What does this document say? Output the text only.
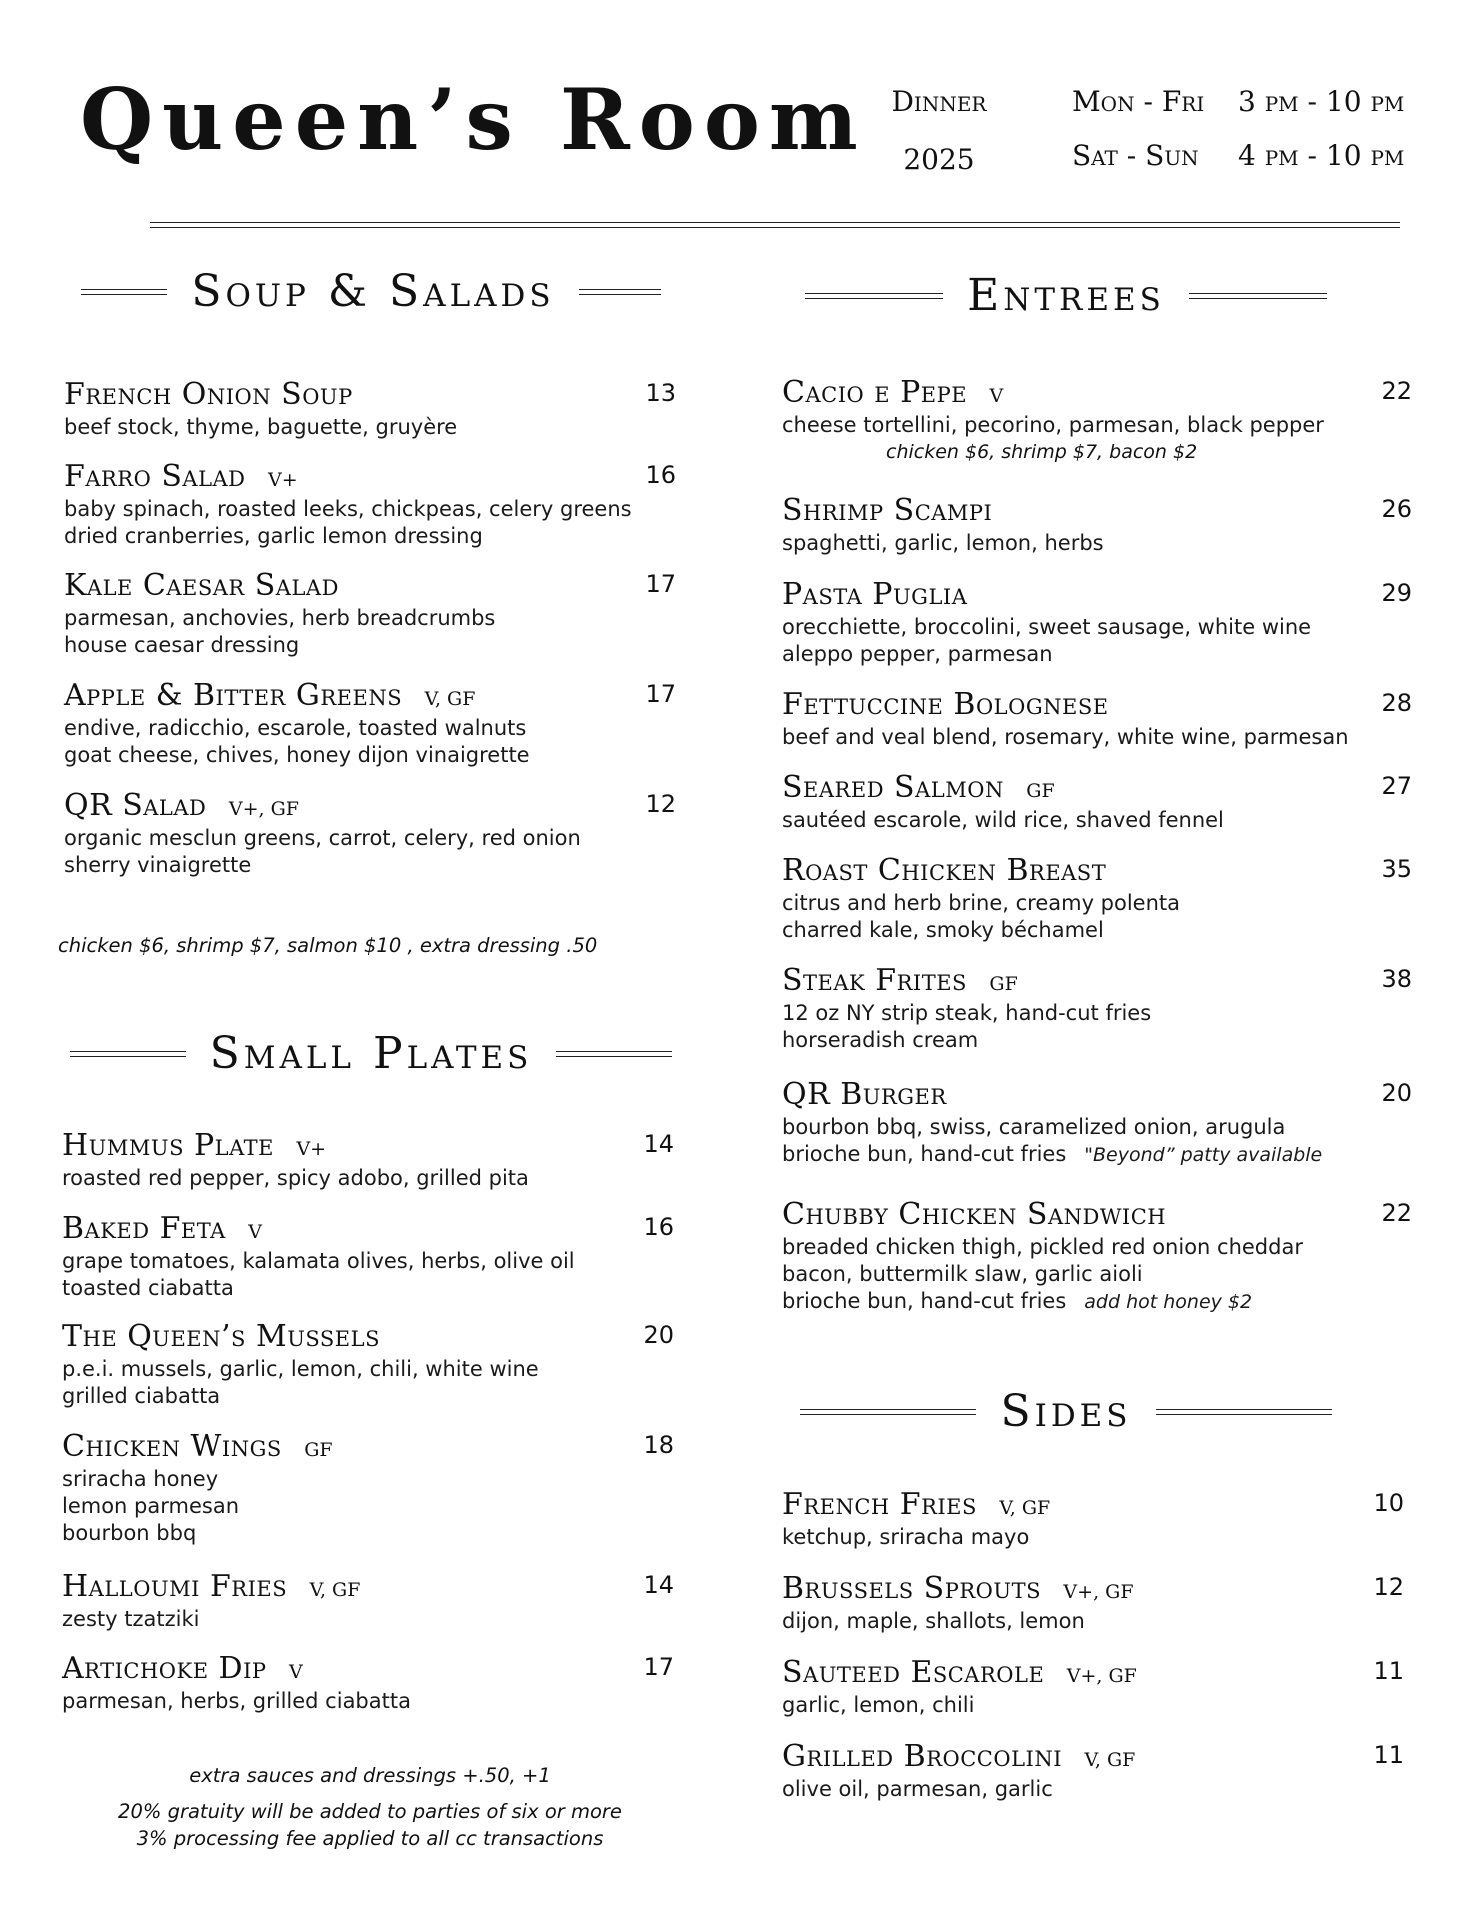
Queen’s Room Dinner
2025
Mon - Fri 3 pm - 10 pm
Sat - Sun 4 pm - 10 pm
Soup & Salads	Entrees
Small Plates
Sides
French Onion Soup	13
beef stock, thyme, baguette, gruyère
Farro Salad V+	16
baby spinach, roasted leeks, chickpeas, celery greens
dried cranberries, garlic lemon dressing
Kale Caesar Salad	17
parmesan, anchovies, herb breadcrumbs
house caesar dressing
Apple & Bitter Greens V, GF	17
endive, radicchio, escarole, toasted walnuts
goat cheese, chives, honey dijon vinaigrette
QR Salad V+, GF	12
organic mesclun greens, carrot, celery, red onion
sherry vinaigrette
chicken $6, shrimp $7, salmon $10 , extra dressing .50
Hummus Plate V+	14
roasted red pepper, spicy adobo, grilled pita
Baked Feta V	16
grape tomatoes, kalamata olives, herbs, olive oil
toasted ciabatta
The Queen’s Mussels	20
p.e.i. mussels, garlic, lemon, chili, white wine
grilled ciabatta
Chicken Wings GF	18
sriracha honey
lemon parmesan
bourbon bbq
Halloumi Fries V, GF	14
zesty tzatziki
Artichoke Dip V	17
parmesan, herbs, grilled ciabatta
extra sauces and dressings +.50, +1
20% gratuity will be added to parties of six or more
3% processing fee applied to all cc transactions
Cacio e Pepe V	22
cheese tortellini, pecorino, parmesan, black pepper
chicken $6, shrimp $7, bacon $2
Shrimp Scampi	26
spaghetti, garlic, lemon, herbs
Pasta Puglia	29
orecchiette, broccolini, sweet sausage, white wine
aleppo pepper, parmesan
Fettuccine Bolognese	28
beef and veal blend, rosemary, white wine, parmesan
Seared Salmon GF	27
sautéed escarole, wild rice, shaved fennel
Roast Chicken Breast	35
citrus and herb brine, creamy polenta
charred kale, smoky béchamel
Steak Frites GF	38
12 oz NY strip steak, hand-cut fries
horseradish cream
QR Burger	20
bourbon bbq, swiss, caramelized onion, arugula
brioche bun, hand-cut fries "Beyond” patty available
Chubby Chicken Sandwich	22
breaded chicken thigh, pickled red onion cheddar
bacon, buttermilk slaw, garlic aioli
brioche bun, hand-cut fries add hot honey $2
French Fries V, GF	10
ketchup, sriracha mayo
Brussels Sprouts V+, GF	12
dijon, maple, shallots, lemon
Sauteed Escarole V+, GF	11
garlic, lemon, chili
Grilled Broccolini V, GF	11
olive oil, parmesan, garlic
